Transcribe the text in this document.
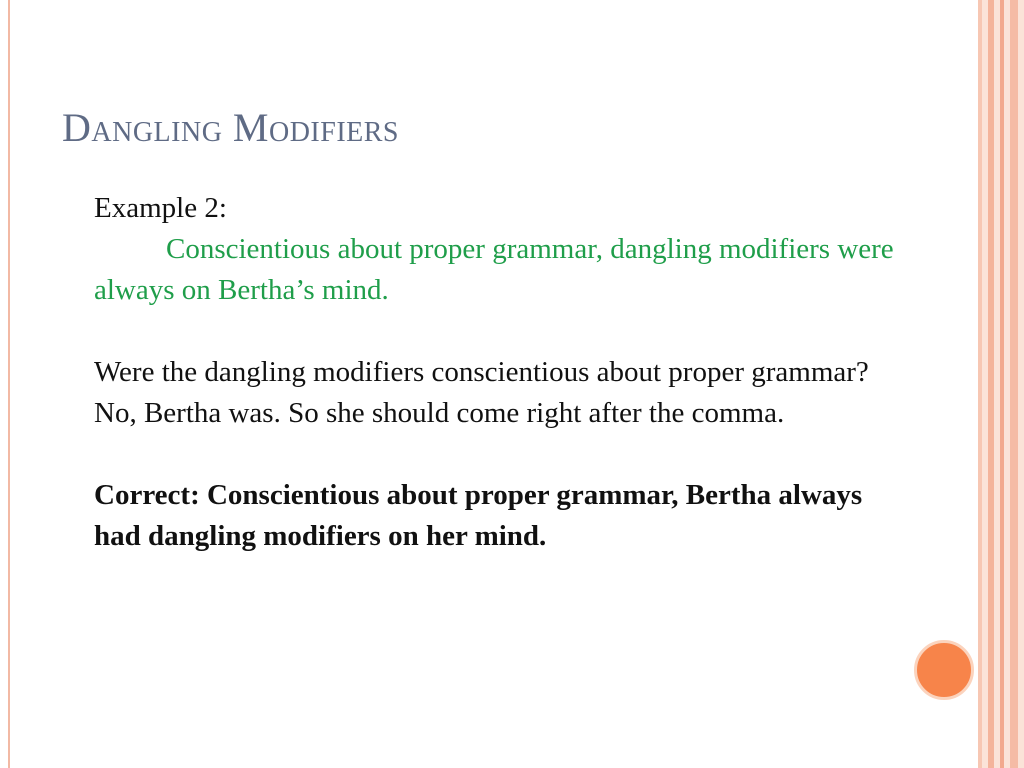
Dangling Modifiers

Example 2:

Conscientious about proper grammar, dangling modifiers were always on Bertha’s mind.

Were the dangling modifiers conscientious about proper grammar? No, Bertha was. So she should come right after the comma.

Correct: Conscientious about proper grammar, Bertha always had dangling modifiers on her mind.
